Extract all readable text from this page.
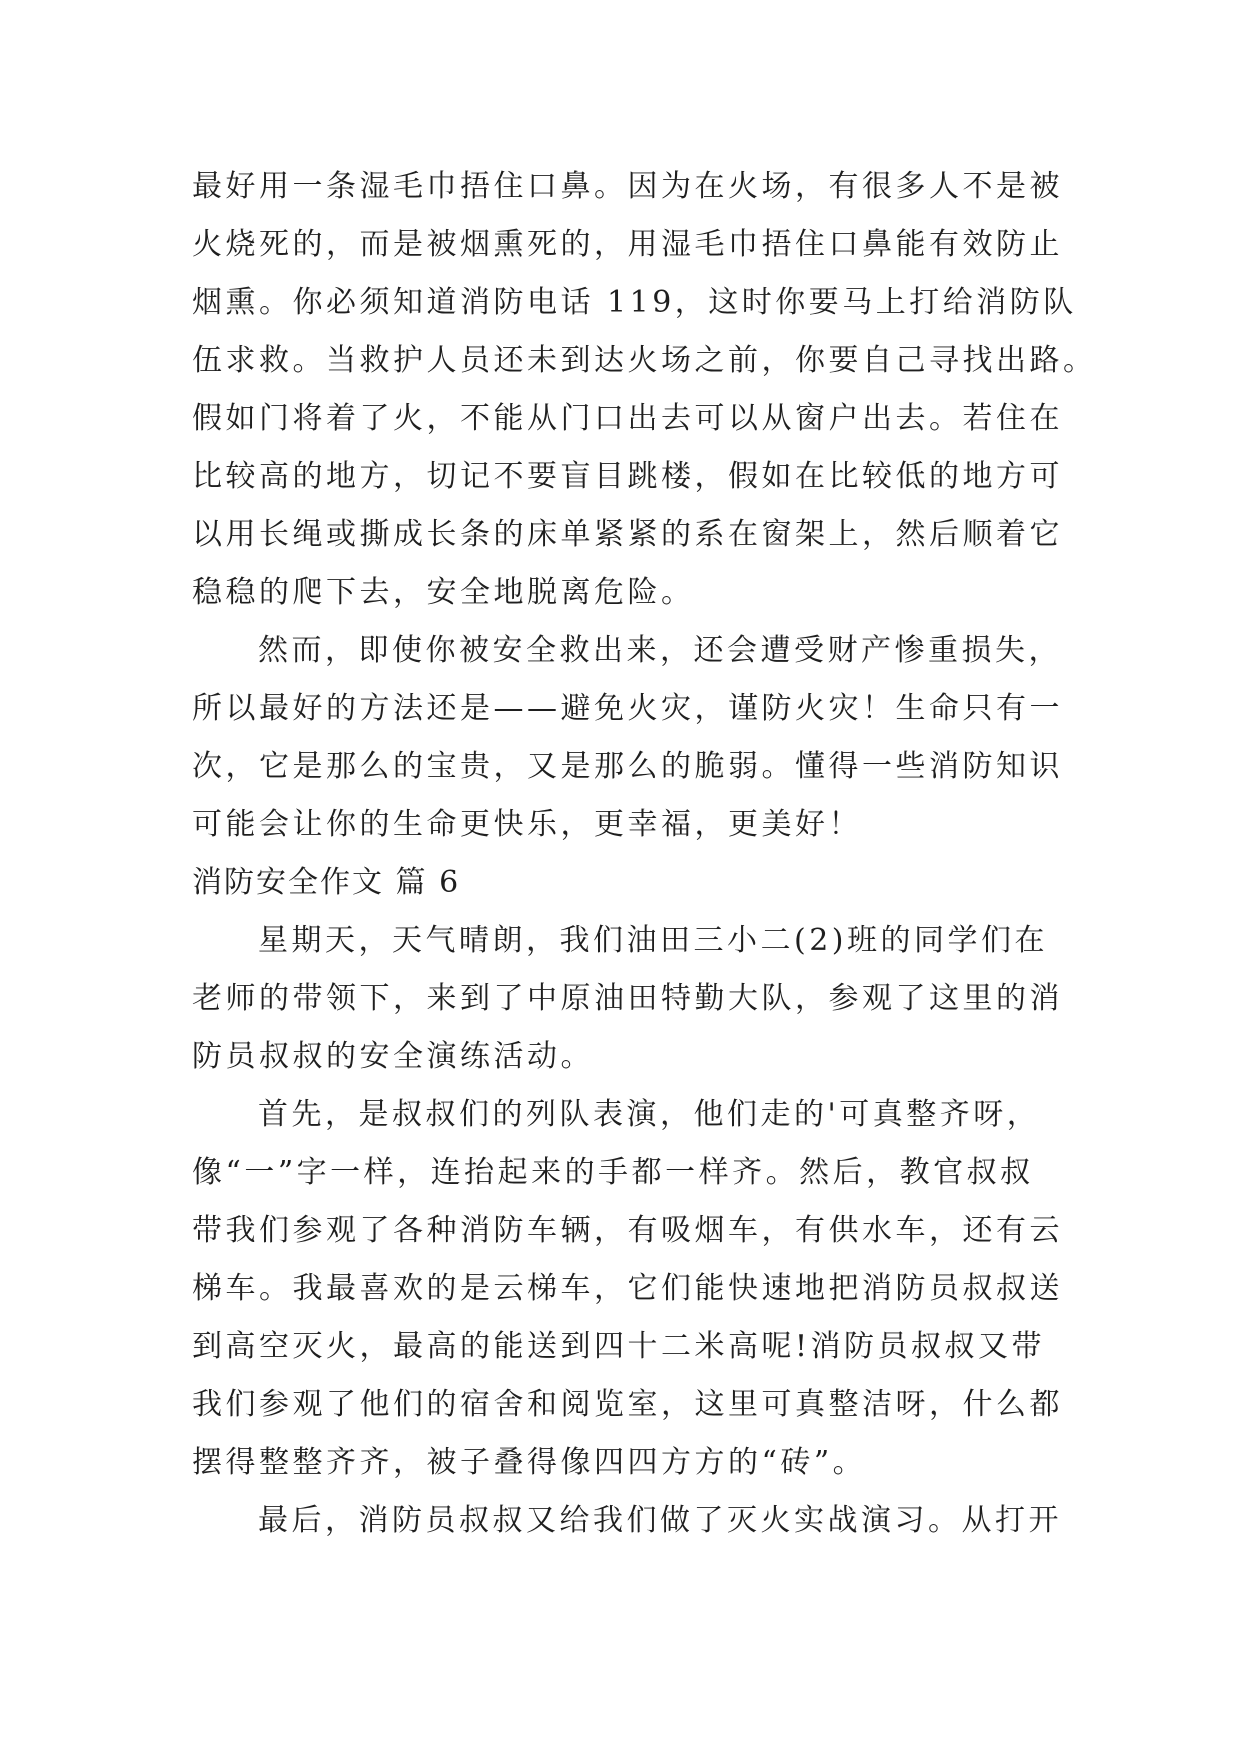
最好用一条湿毛巾捂住口鼻。因为在火场，有很多人不是被
火烧死的，而是被烟熏死的，用湿毛巾捂住口鼻能有效防止
烟熏。你必须知道消防电话 119，这时你要马上打给消防队
伍求救。当救护人员还未到达火场之前，你要自己寻找出路。
假如门将着了火，不能从门口出去可以从窗户出去。若住在
比较高的地方，切记不要盲目跳楼，假如在比较低的地方可
以用长绳或撕成长条的床单紧紧的系在窗架上，然后顺着它
稳稳的爬下去，安全地脱离危险。
然而，即使你被安全救出来，还会遭受财产惨重损失，
所以最好的方法还是——避免火灾，谨防火灾！生命只有一
次，它是那么的宝贵，又是那么的脆弱。懂得一些消防知识
可能会让你的生命更快乐，更幸福，更美好！
消防安全作文 篇 6
星期天，天气晴朗，我们油田三小二(2)班的同学们在
老师的带领下，来到了中原油田特勤大队，参观了这里的消
防员叔叔的安全演练活动。
首先，是叔叔们的列队表演，他们走的'可真整齐呀，
像“一”字一样，连抬起来的手都一样齐。然后，教官叔叔
带我们参观了各种消防车辆，有吸烟车，有供水车，还有云
梯车。我最喜欢的是云梯车，它们能快速地把消防员叔叔送
到高空灭火，最高的能送到四十二米高呢!消防员叔叔又带
我们参观了他们的宿舍和阅览室，这里可真整洁呀，什么都
摆得整整齐齐，被子叠得像四四方方的“砖”。
最后，消防员叔叔又给我们做了灭火实战演习。从打开
